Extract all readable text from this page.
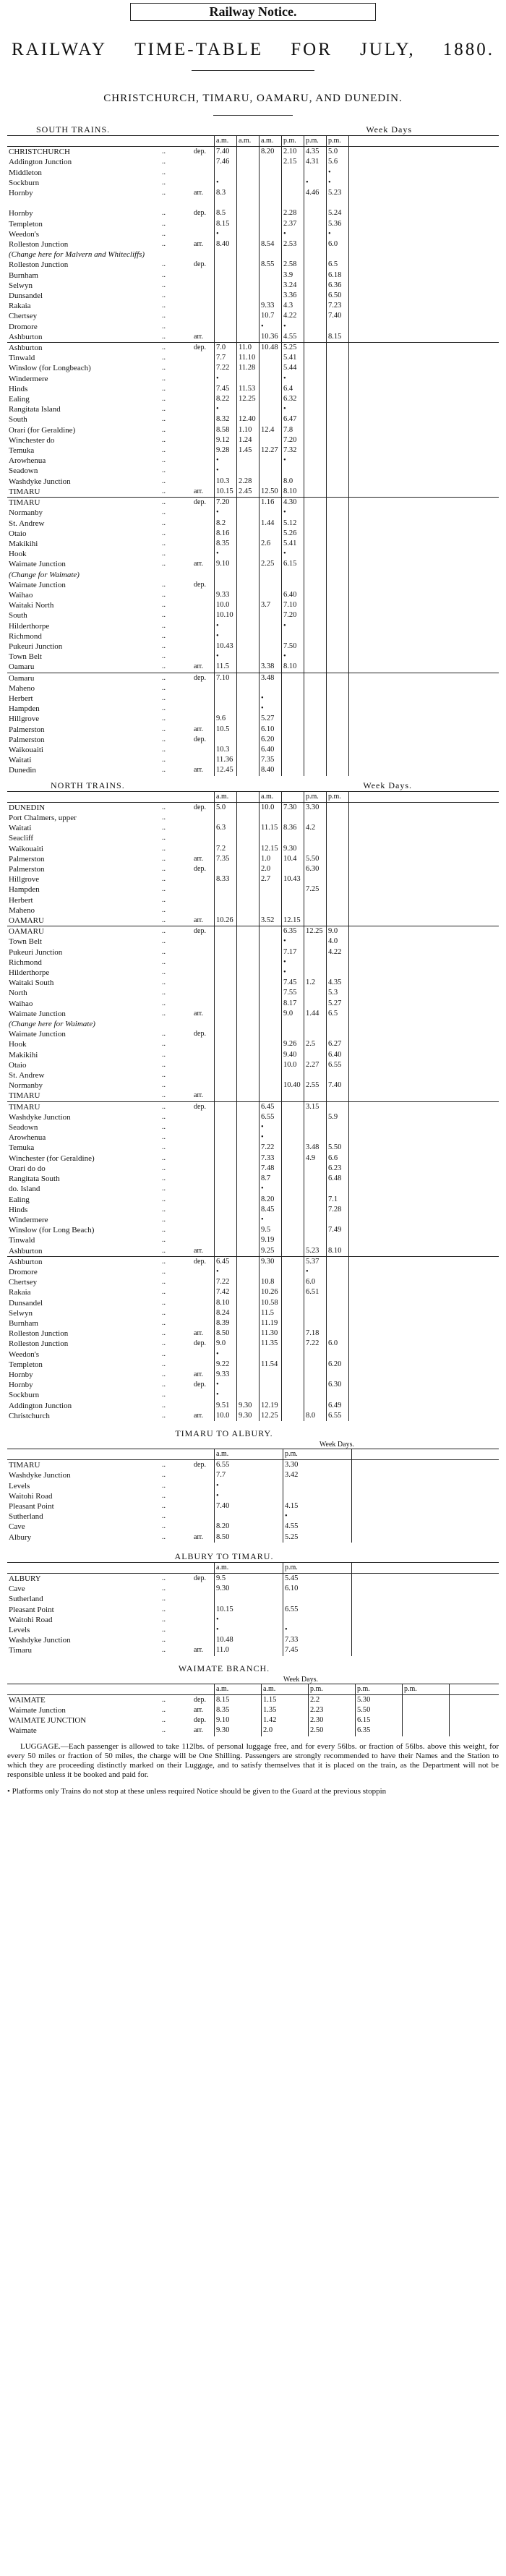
Railway Notice.
RAILWAY TIME-TABLE FOR JULY, 1880.
CHRISTCHURCH, TIMARU, OAMARU, AND DUNEDIN.
SOUTH TRAINS.	Week Days
			a.m.	a.m.	a.m.	p.m.	p.m.	p.m.	
CHRISTCHURCH	..	dep.	7.40		8.20	2.10	4.35	5.0	
Addington Junction	..		7.46			2.15	4.31	5.6	
Middleton	..							•	
Sockburn	..		•				•	•	
Hornby	..	arr.	8.3				4.46	5.23	

Hornby	..	dep.	8.5			2.28		5.24	
Templeton	..		8.15			2.37		5.36	
Weedon's	..		•			•		•	
Rolleston Junction	..	arr.	8.40		8.54	2.53		6.0	
(Change here for Malvern and Whitecliffs)									
Rolleston Junction	..	dep.			8.55	2.58		6.5	
Burnham	..					3.9		6.18	
Selwyn	..					3.24		6.36	
Dunsandel	..					3.36		6.50	
Rakaia	..				9.33	4.3		7.23	
Chertsey	..				10.7	4.22		7.40	
Dromore	..				•	•			
Ashburton	..	arr.			10.36	4.55		8.15	
Ashburton	..	dep.	7.0	11.0	10.48	5.25			
Tinwald	..		7.7	11.10		5.41			
Winslow (for Longbeach)	..		7.22	11.28		5.44			
Windermere	..		•			•			
Hinds	..		7.45	11.53		6.4			
Ealing	..		8.22	12.25		6.32			
Rangitata Island	..		•			•			
South	..		8.32	12.40		6.47			
Orari (for Geraldine)	..		8.58	1.10	12.4	7.8			
Winchester do	..		9.12	1.24		7.20			
Temuka	..		9.28	1.45	12.27	7.32			
Arowhenua	..		•			•			
Seadown	..		•						
Washdyke Junction	..		10.3	2.28		8.0			
TIMARU	..	arr.	10.15	2.45	12.50	8.10			
TIMARU	..	dep.	7.20		1.16	4.30			
Normanby	..		•			•			
St. Andrew	..		8.2		1.44	5.12			
Otaio	..		8.16			5.26			
Makikihi	..		8.35		2.6	5.41			
Hook	..		•			•			
Waimate Junction	..	arr.	9.10		2.25	6.15			
(Change for Waimate)									
Waimate Junction	..	dep.							
Waihao	..		9.33			6.40			
Waitaki North	..		10.0		3.7	7.10			
South	..		10.10			7.20			
Hilderthorpe	..		•			•			
Richmond	..		•						
Pukeuri Junction	..		10.43			7.50			
Town Belt	..		•			•			
Oamaru	..	arr.	11.5		3.38	8.10			
Oamaru	..	dep.	7.10		3.48				
Maheno	..								
Herbert	..				•				
Hampden	..				•				
Hillgrove	..		9.6		5.27				
Palmerston	..	arr.	10.5		6.10				
Palmerston	..	dep.			6.20				
Waikouaiti	..		10.3		6.40				
Waitati	..		11.36		7.35				
Dunedin	..	arr.	12.45		8.40				
NORTH TRAINS.	Week Days.
			a.m.		a.m.		p.m.	p.m.	
DUNEDIN	..	dep.	5.0		10.0	7.30	3.30		
Port Chalmers, upper	..								
Waitati	..		6.3		11.15	8.36	4.2		
Seacliff	..								
Waikouaiti	..		7.2		12.15	9.30			
Palmerston	..	arr.	7.35		1.0	10.4	5.50		
Palmerston	..	dep.			2.0		6.30		
Hillgrove	..		8.33		2.7	10.43			
Hampden	..						7.25		
Herbert	..								
Maheno	..								
OAMARU	..	arr.	10.26		3.52	12.15			
OAMARU	..	dep.				6.35	12.25	9.0	
Town Belt	..					•		4.0	
Pukeuri Junction	..					7.17		4.22	
Richmond	..					•			
Hilderthorpe	..					•			
Waitaki South	..					7.45	1.2	4.35	
North	..					7.55		5.3	
Waihao	..					8.17		5.27	
Waimate Junction	..	arr.				9.0	1.44	6.5	
(Change here for Waimate)									
Waimate Junction	..	dep.							
Hook	..					9.26	2.5	6.27	
Makikihi	..					9.40		6.40	
Otaio	..					10.0	2.27	6.55	
St. Andrew	..								
Normanby	..					10.40	2.55	7.40	
TIMARU	..	arr.							
TIMARU	..	dep.			6.45		3.15		
Washdyke Junction	..				6.55			5.9	
Seadown	..				•				
Arowhenua	..				•				
Temuka	..				7.22		3.48	5.50	
Winchester (for Geraldine)	..				7.33		4.9	6.6	
Orari do do	..				7.48			6.23	
Rangitata South	..				8.7			6.48	
do. Island	..				•				
Ealing	..				8.20			7.1	
Hinds	..				8.45			7.28	
Windermere	..				•				
Winslow (for Long Beach)	..				9.5			7.49	
Tinwald	..				9.19				
Ashburton	..	arr.			9.25		5.23	8.10	
Ashburton	..	dep.	6.45		9.30		5.37		
Dromore	..		•				•		
Chertsey	..		7.22		10.8		6.0		
Rakaia	..		7.42		10.26		6.51		
Dunsandel	..		8.10		10.58				
Selwyn	..		8.24		11.5				
Burnham	..		8.39		11.19				
Rolleston Junction	..	arr.	8.50		11.30		7.18		
Rolleston Junction	..	dep.	9.0		11.35		7.22	6.0	
Weedon's	..		•						
Templeton	..		9.22		11.54			6.20	
Hornby	..	arr.	9.33						
Hornby	..	dep.	•					6.30	
Sockburn	..		•						
Addington Junction	..		9.51	9.30	12.19			6.49	
Christchurch	..	arr.	10.0	9.30	12.25		8.0	6.55	
TIMARU TO ALBURY.
Week Days.
			a.m.	p.m.	
TIMARU	..	dep.	6.55	3.30	
Washdyke Junction	..		7.7	3.42	
Levels	..		•		
Waitohi Road	..		•		
Pleasant Point	..		7.40	4.15	
Sutherland	..			•	
Cave	..		8.20	4.55	
Albury	..	arr.	8.50	5.25	
ALBURY TO TIMARU.
			a.m.	p.m.	
ALBURY	..	dep.	9.5	5.45	
Cave	..		9.30	6.10	
Sutherland	..				
Pleasant Point	..		10.15	6.55	
Waitohi Road	..		•		
Levels	..		•	•	
Washdyke Junction	..		10.48	7.33	
Timaru	..	arr.	11.0	7.45	
WAIMATE BRANCH.
Week Days.
			a.m.	a.m.	p.m.	p.m.	p.m.	
WAIMATE	..	dep.	8.15	1.15	2.2	5.30		
Waimate Junction	..	arr.	8.35	1.35	2.23	5.50		
WAIMATE JUNCTION	..	dep.	9.10	1.42	2.30	6.15		
Waimate	..	arr.	9.30	2.0	2.50	6.35		
LUGGAGE.—Each passenger is allowed to take 112lbs. of personal luggage free, and for every 56lbs. or fraction of 56lbs. above this weight, for every 50 miles or fraction of 50 miles, the charge will be One Shilling. Passengers are strongly recommended to have their Names and the Station to which they are proceeding distinctly marked on their Luggage, and to satisfy themselves that it is placed on the train, as the Department will not be responsible unless it be booked and paid for.
• Platforms only Trains do not stop at these unless required Notice should be given to the Guard at the previous stoppin
